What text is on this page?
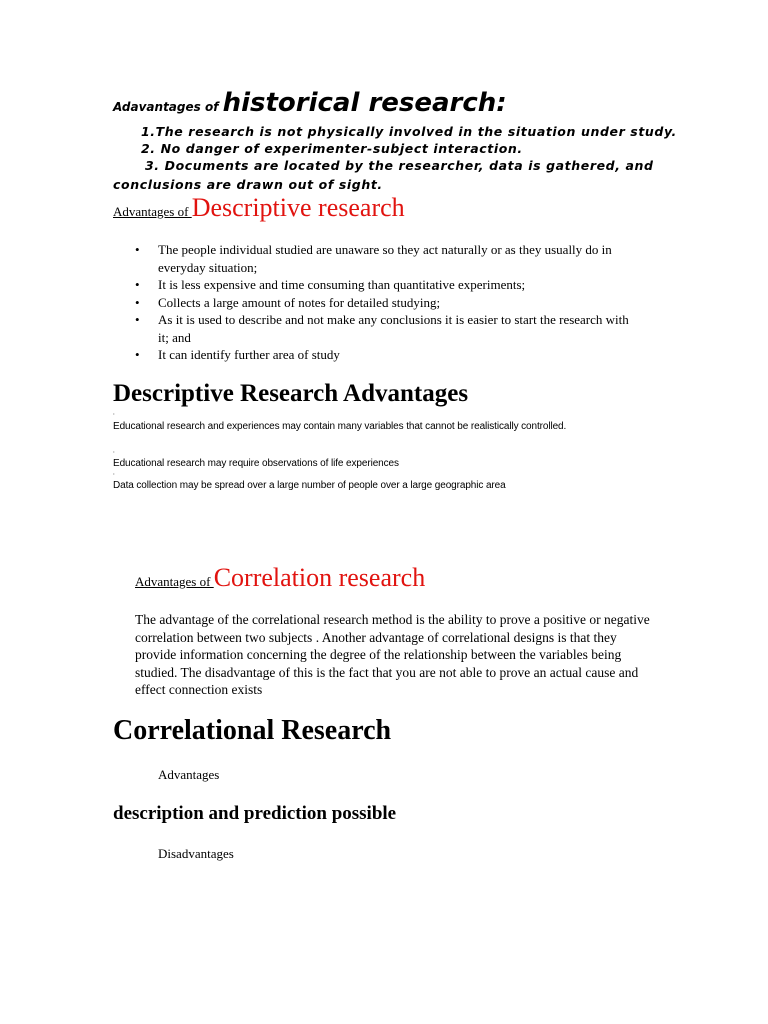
Adavantages of historical research:
1.The research is not physically involved in the situation under study.
2. No danger of experimenter-subject interaction.
3. Documents are located by the researcher, data is gathered, and
conclusions are drawn out of sight.
Advantages of Descriptive research
• The people individual studied are unaware so they act naturally or as they usually do in everyday situation;
• It is less expensive and time consuming than quantitative experiments;
• Collects a large amount of notes for detailed studying;
• As it is used to describe and not make any conclusions it is easier to start the research with it; and
• It can identify further area of study
Descriptive Research Advantages
›
Educational research and experiences may contain many variables that cannot be realistically controlled.
›
Educational research may require observations of life experiences
›
Data collection may be spread over a large number of people over a large geographic area
Advantages of Correlation research
The advantage of the correlational research method is the ability to prove a positive or negative correlation between two subjects . Another advantage of correlational designs is that they provide information concerning the degree of the relationship between the variables being studied. The disadvantage of this is the fact that you are not able to prove an actual cause and effect connection exists
Correlational Research
Advantages
description and prediction possible
Disadvantages
